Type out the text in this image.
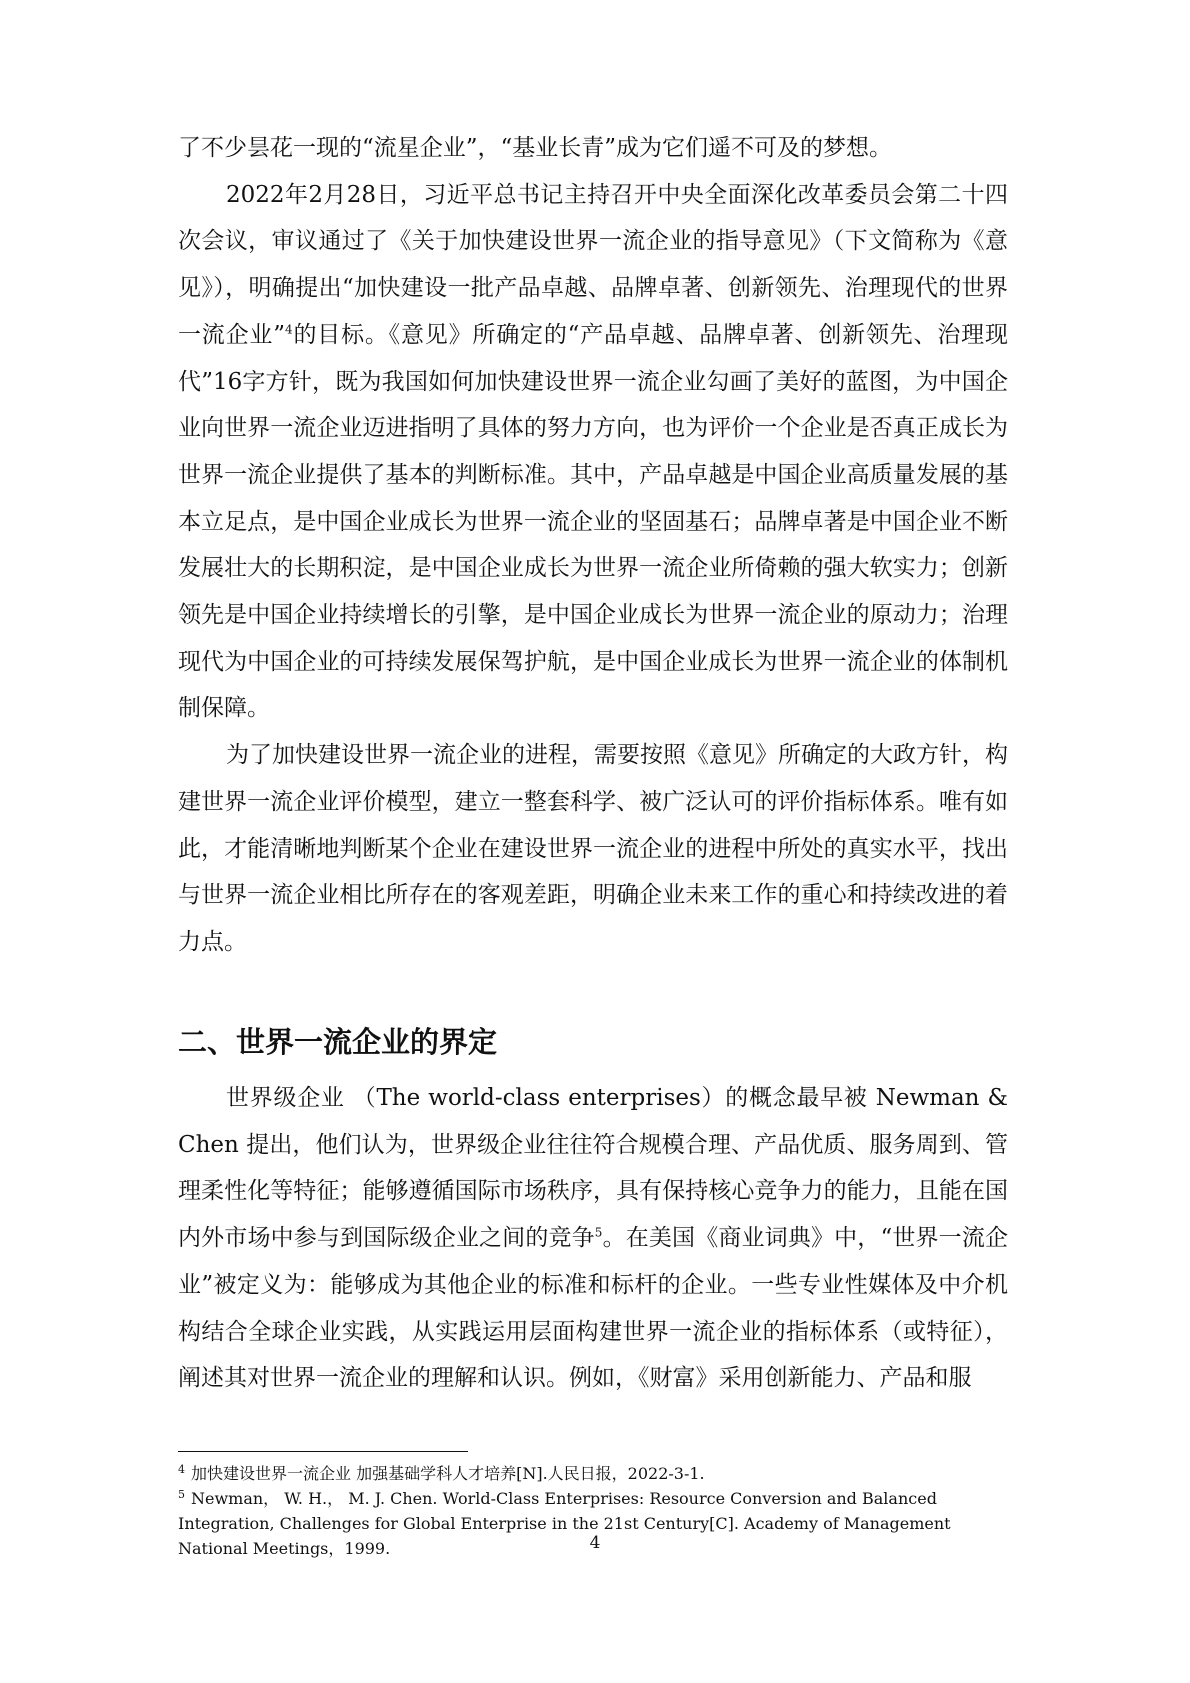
了不少昙花一现的“流星企业”，“基业长青”成为它们遥不可及的梦想。

2022年2月28日，习近平总书记主持召开中央全面深化改革委员会第二十四次会议，审议通过了《关于加快建设世界一流企业的指导意见》（下文简称为《意见》），明确提出“加快建设一批产品卓越、品牌卓著、创新领先、治理现代的世界一流企业”$^4$的目标。《意见》所确定的“产品卓越、品牌卓著、创新领先、治理现代”16字方针，既为我国如何加快建设世界一流企业勾画了美好的蓝图，为中国企业向世界一流企业迈进指明了具体的努力方向，也为评价一个企业是否真正成长为世界一流企业提供了基本的判断标准。其中，产品卓越是中国企业高质量发展的基本立足点，是中国企业成长为世界一流企业的坚固基石；品牌卓著是中国企业不断发展壮大的长期积淀，是中国企业成长为世界一流企业所倚赖的强大软实力；创新领先是中国企业持续增长的引擎，是中国企业成长为世界一流企业的原动力；治理现代为中国企业的可持续发展保驾护航，是中国企业成长为世界一流企业的体制机制保障。

为了加快建设世界一流企业的进程，需要按照《意见》所确定的大政方针，构建世界一流企业评价模型，建立一整套科学、被广泛认可的评价指标体系。唯有如此，才能清晰地判断某个企业在建设世界一流企业的进程中所处的真实水平，找出与世界一流企业相比所存在的客观差距，明确企业未来工作的重心和持续改进的着力点。

二、世界一流企业的界定

世界级企业 （The world-class enterprises）的概念最早被 Newman & Chen 提出，他们认为，世界级企业往往符合规模合理、产品优质、服务周到、管理柔性化等特征；能够遵循国际市场秩序，具有保持核心竞争力的能力，且能在国内外市场中参与到国际级企业之间的竞争$^5$。在美国《商业词典》中，“世界一流企业”被定义为：能够成为其他企业的标准和标杆的企业。一些专业性媒体及中介机构结合全球企业实践，从实践运用层面构建世界一流企业的指标体系（或特征），阐述其对世界一流企业的理解和认识。例如，《财富》采用创新能力、产品和服

$^4$ 加快建设世界一流企业 加强基础学科人才培养[N].人民日报，2022-3-1.
$^5$ Newman， W. H.， M. J. Chen. World-Class Enterprises: Resource Conversion and Balanced Integration, Challenges for Global Enterprise in the 21st Century[C]. Academy of Management National Meetings，1999.	4
